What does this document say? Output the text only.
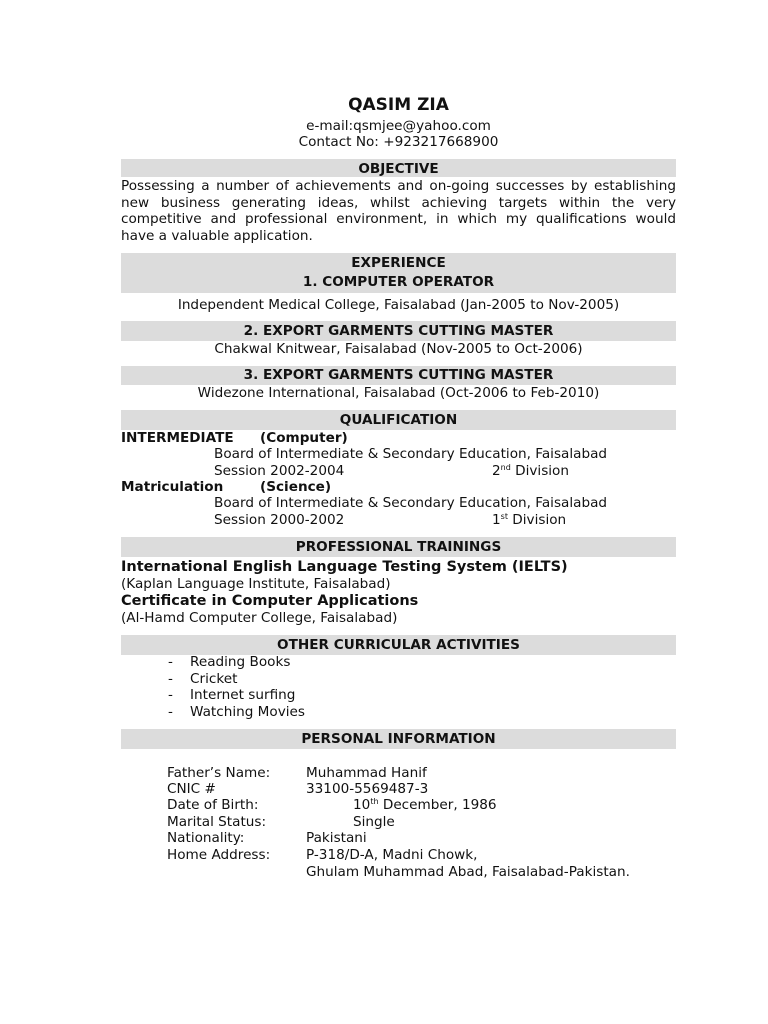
QASIM ZIA
e-mail:qsmjee@yahoo.com
Contact No: +923217668900
OBJECTIVE
Possessing a number of achievements and on-going successes by establishing new business generating ideas, whilst achieving targets within the very competitive and professional environment, in which my qualifications would have a valuable application.
EXPERIENCE
1. COMPUTER OPERATOR
Independent Medical College, Faisalabad (Jan-2005 to Nov-2005)
2. EXPORT GARMENTS CUTTING MASTER
Chakwal Knitwear, Faisalabad (Nov-2005 to Oct-2006)
3. EXPORT GARMENTS CUTTING MASTER
Widezone International, Faisalabad (Oct-2006 to Feb-2010)
QUALIFICATION
INTERMEDIATE (Computer)
Board of Intermediate & Secondary Education, Faisalabad
Session 2002-2004	2nd Division
Matriculation	(Science)
Board of Intermediate & Secondary Education, Faisalabad
Session 2000-2002	1st Division
PROFESSIONAL TRAININGS
International English Language Testing System (IELTS)
(Kaplan Language Institute, Faisalabad)
Certificate in Computer Applications
(Al-Hamd Computer College, Faisalabad)
OTHER CURRICULAR ACTIVITIES
- Reading Books
- Cricket
- Internet surfing
- Watching Movies
PERSONAL INFORMATION
Father’s Name:	Muhammad Hanif
CNIC #	33100-5569487-3
Date of Birth:	10th December, 1986
Marital Status:	Single
Nationality:	Pakistani
Home Address:	P-318/D-A, Madni Chowk,
Ghulam Muhammad Abad, Faisalabad-Pakistan.
